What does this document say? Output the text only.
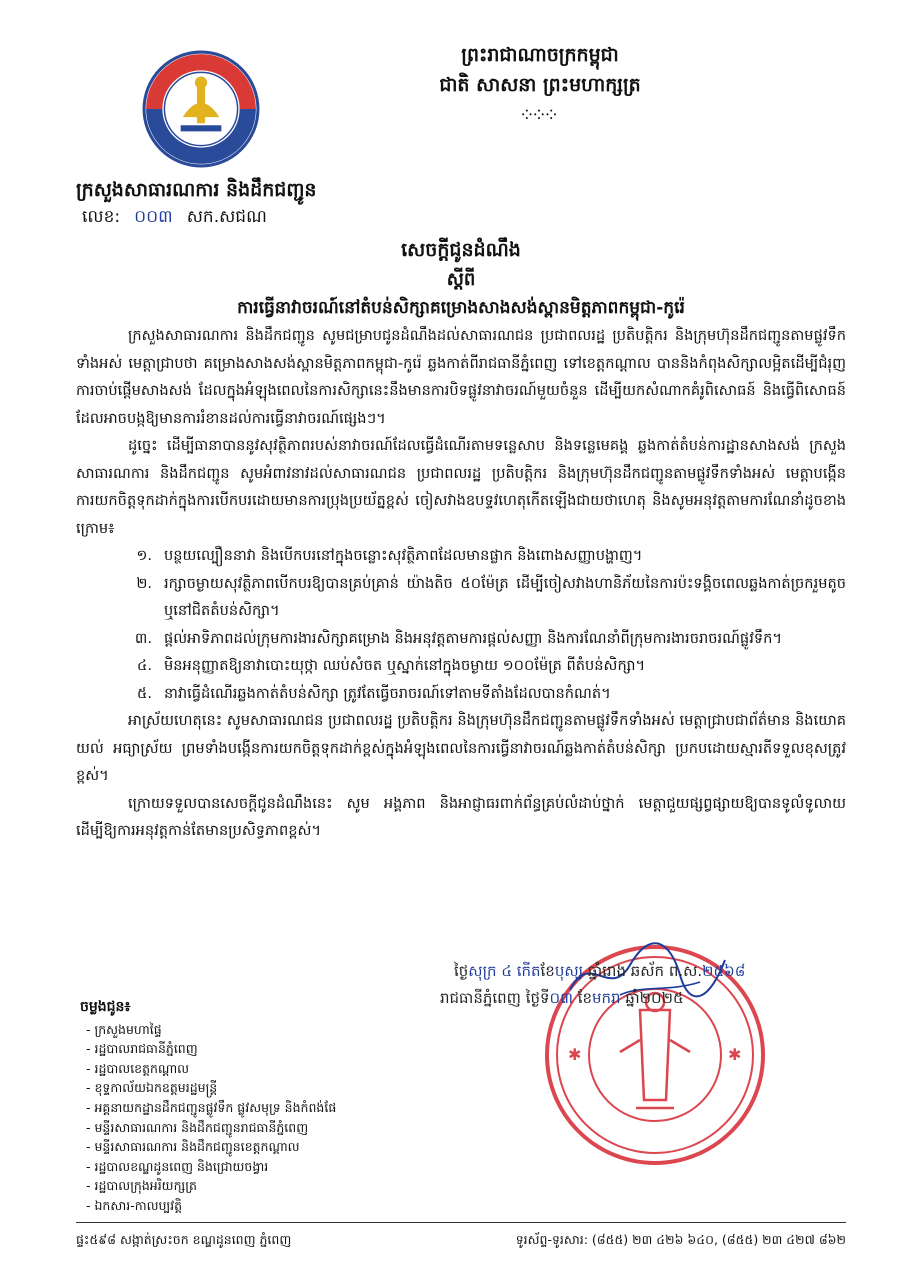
ព្រះរាជាណាចក្រកម្ពុជា
ជាតិ សាសនា ព្រះមហាក្សត្រ
༶༶༶
ក្រសួងសាធារណការ និងដឹកជញ្ជូន
លេខ: ០០៣ សក.សជណ
សេចក្តីជូនដំណឹង
ស្តីពី
ការធ្វើនាវាចរណ៍នៅតំបន់សិក្សាគម្រោងសាងសង់ស្ពានមិត្តភាពកម្ពុជា-កូរ៉េ

ក្រសួងសាធារណការ និងដឹកជញ្ជូន សូមជម្រាបជូនដំណឹងដល់សាធារណជន ប្រជាពលរដ្ឋ ប្រតិបត្តិករ និងក្រុមហ៊ុនដឹកជញ្ជូនតាមផ្លូវទឹកទាំងអស់ មេត្តាជ្រាបថា គម្រោងសាងសង់ស្ពានមិត្តភាពកម្ពុជា-កូរ៉េ ឆ្លងកាត់ពីរាជធានីភ្នំពេញ ទៅខេត្តកណ្តាល បាននិងកំពុងសិក្សាលម្អិតដើម្បីជំរុញការចាប់ផ្តើមសាងសង់ ដែលក្នុងអំឡុងពេលនៃការសិក្សានេះនឹងមានការបិទផ្លូវនាវាចរណ៍មួយចំនួន ដើម្បីយកសំណាកគំរូពិសោធន៍ និងធ្វើពិសោធន៍ដែលអាចបង្កឱ្យមានការរំខានដល់ការធ្វើនាវាចរណ៍ផ្សេងៗ។

ដូច្នេះ ដើម្បីធានាបាននូវសុវត្ថិភាពរបស់នាវាចរណ៍ដែលធ្វើដំណើរតាមទន្លេសាប និងទន្លេមេគង្គ ឆ្លងកាត់តំបន់ការដ្ឋានសាងសង់ ក្រសួងសាធារណការ និងដឹកជញ្ជូន សូមអំពាវនាវដល់សាធារណជន ប្រជាពលរដ្ឋ ប្រតិបត្តិករ និងក្រុមហ៊ុនដឹកជញ្ជូនតាមផ្លូវទឹកទាំងអស់ មេត្តាបង្កើនការយកចិត្តទុកដាក់ក្នុងការបើកបរដោយមានការប្រុងប្រយ័ត្នខ្ពស់ ចៀសវាងឧបទ្ទវហេតុកើតឡើងជាយថាហេតុ និងសូមអនុវត្តតាមការណែនាំដូចខាងក្រោម៖

១. បន្ថយល្បឿននាវា និងបើកបរនៅក្នុងចន្លោះសុវត្ថិភាពដែលមានផ្លាក និងពោងសញ្ញាបង្ហាញ។
២. រក្សាចម្ងាយសុវត្ថិភាពបើកបរឱ្យបានគ្រប់គ្រាន់ យ៉ាងតិច ៥០ម៉ែត្រ ដើម្បីចៀសវាងហានិភ័យនៃការប៉ះទង្គិចពេលឆ្លងកាត់ច្រករួមតូច ឬនៅជិតតំបន់សិក្សា។
៣. ផ្តល់អាទិភាពដល់ក្រុមការងារសិក្សាគម្រោង និងអនុវត្តតាមការផ្តល់សញ្ញា និងការណែនាំពីក្រុមការងារចរាចរណ៍ផ្លូវទឹក។
៤. មិនអនុញ្ញាតឱ្យនាវាបោះយុថ្កា ឈប់សំចត ឬស្នាក់នៅក្នុងចម្ងាយ ១០០ម៉ែត្រ ពីតំបន់សិក្សា។
៥. នាវាធ្វើដំណើរឆ្លងកាត់តំបន់សិក្សា ត្រូវតែធ្វើចរាចរណ៍ទៅតាមទីតាំងដែលបានកំណត់។

អាស្រ័យហេតុនេះ សូមសាធារណជន ប្រជាពលរដ្ឋ ប្រតិបត្តិករ និងក្រុមហ៊ុនដឹកជញ្ជូនតាមផ្លូវទឹកទាំងអស់ មេត្តាជ្រាបជាព័ត៌មាន និងយោគយល់ អធ្យាស្រ័យ ព្រមទាំងបង្កើនការយកចិត្តទុកដាក់ខ្ពស់ក្នុងអំឡុងពេលនៃការធ្វើនាវាចរណ៍ឆ្លងកាត់តំបន់សិក្សា ប្រកបដោយស្មារតីទទួលខុសត្រូវខ្ពស់។

ក្រោយទទួលបានសេចក្តីជូនដំណឹងនេះ សូម អង្គភាព និងអាជ្ញាធរពាក់ព័ន្ធគ្រប់លំដាប់ថ្នាក់ មេត្តាជួយផ្សព្វផ្សាយឱ្យបានទូលំទូលាយ ដើម្បីឱ្យការអនុវត្តកាន់តែមានប្រសិទ្ធភាពខ្ពស់។

✱	✱
ថ្ងៃសុក្រ ៤ កើតខែបុស្ស ឆ្នាំរោង ឆស័ក ព.ស.២៥៦៨
រាជធានីភ្នំពេញ ថ្ងៃទី០៣ ខែមករា ឆ្នាំ២០២៥
ចម្លងជូន៖
- ក្រសួងមហាផ្ទៃ
- រដ្ឋបាលរាជធានីភ្នំពេញ
- រដ្ឋបាលខេត្តកណ្តាល
- ខុទ្ទកាល័យឯកឧត្តមរដ្ឋមន្ត្រី
- អគ្គនាយកដ្ឋានដឹកជញ្ជូនផ្លូវទឹក ផ្លូវសមុទ្រ និងកំពង់ផែ
- មន្ទីរសាធារណការ និងដឹកជញ្ជូនរាជធានីភ្នំពេញ
- មន្ទីរសាធារណការ និងដឹកជញ្ជូនខេត្តកណ្តាល
- រដ្ឋបាលខណ្ឌដូនពេញ និងជ្រោយចង្វារ
- រដ្ឋបាលក្រុងអរិយក្សត្រ
- ឯកសារ-កាលប្បវត្តិ
ផ្ទះ៥៩៨ សង្កាត់ស្រះចក ខណ្ឌដូនពេញ ភ្នំពេញ	ទូរស័ព្ទ-ទូរសារ: (៨៥៥) ២៣ ៤២៦ ៦៤០, (៨៥៥) ២៣ ៤២៧ ៨៦២
